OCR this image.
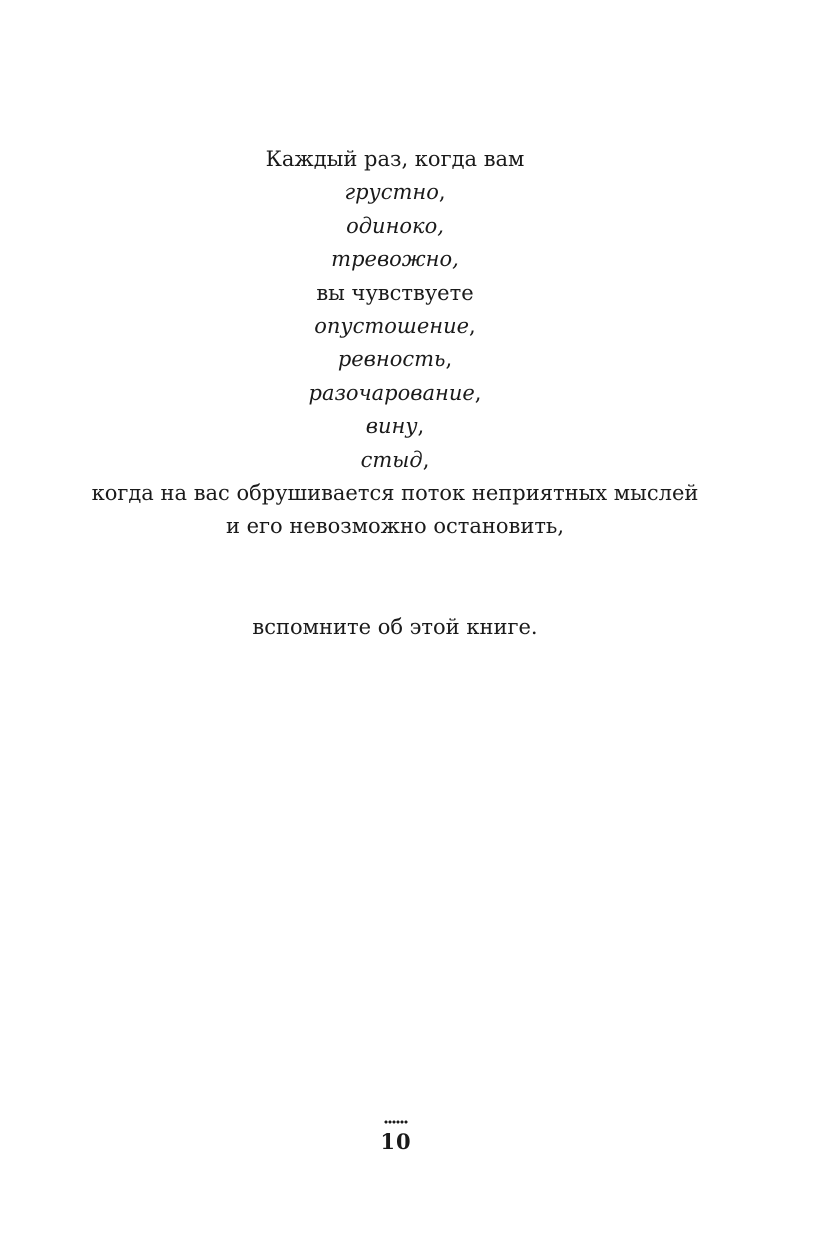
Каждый раз, когда вам
грустно,
одиноко,
тревожно,
вы чувствуете
опустошение,
ревность,
разочарование,
вину,
стыд,
когда на вас обрушивается поток неприятных мыслей
и его невозможно остановить,
вспомните об этой книге.
10
